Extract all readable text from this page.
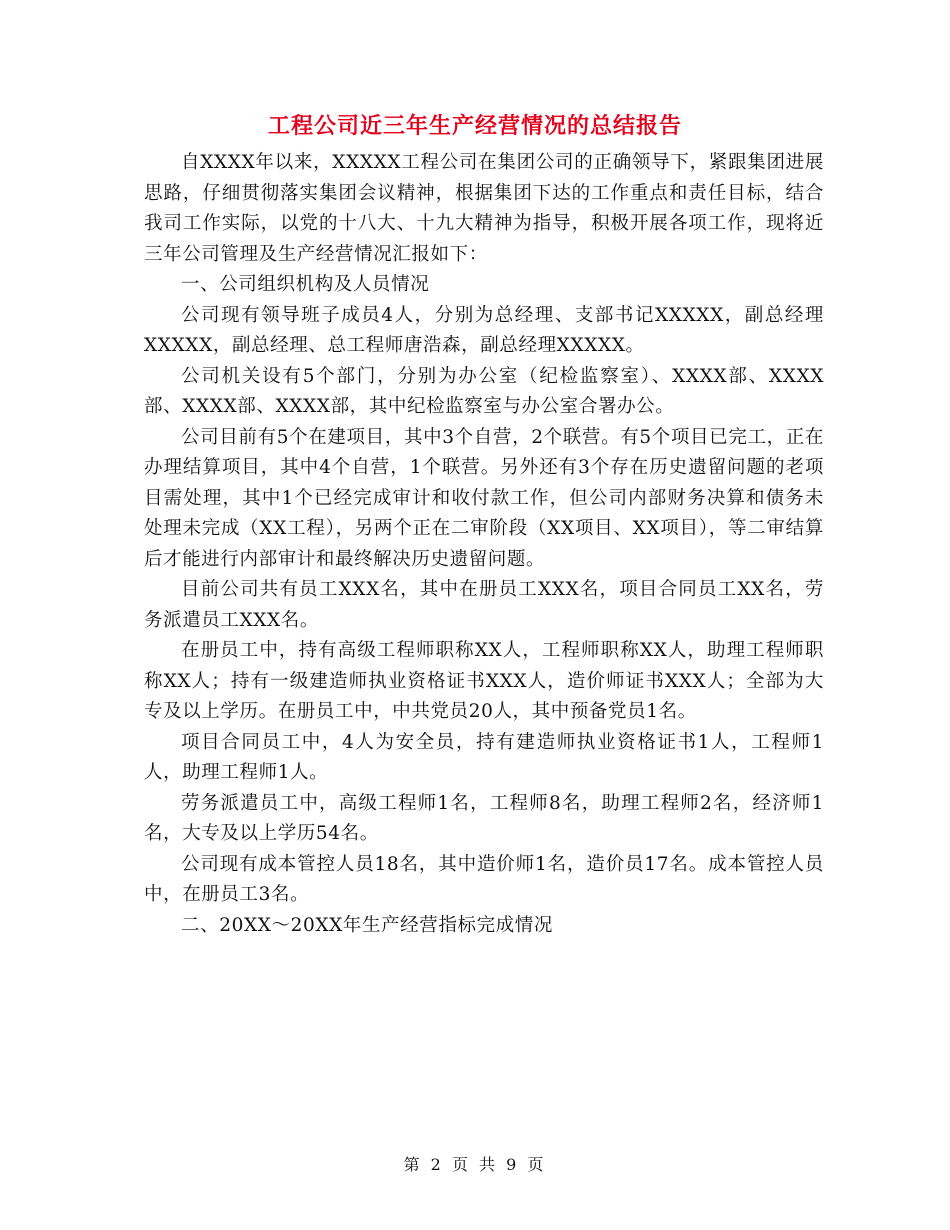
工程公司近三年生产经营情况的总结报告

自XXXX年以来，XXXXX工程公司在集团公司的正确领导下，紧跟集团进展思路，仔细贯彻落实集团会议精神，根据集团下达的工作重点和责任目标，结合我司工作实际，以党的十八大、十九大精神为指导，积极开展各项工作，现将近三年公司管理及生产经营情况汇报如下：

一、公司组织机构及人员情况

公司现有领导班子成员4人，分别为总经理、支部书记XXXXX，副总经理XXXXX，副总经理、总工程师唐浩森，副总经理XXXXX。

公司机关设有5个部门，分别为办公室（纪检监察室）、XXXX部、XXXX部、XXXX部、XXXX部，其中纪检监察室与办公室合署办公。

公司目前有5个在建项目，其中3个自营，2个联营。有5个项目已完工，正在办理结算项目，其中4个自营，1个联营。另外还有3个存在历史遗留问题的老项目需处理，其中1个已经完成审计和收付款工作，但公司内部财务决算和债务未处理未完成（XX工程），另两个正在二审阶段（XX项目、XX项目），等二审结算后才能进行内部审计和最终解决历史遗留问题。

目前公司共有员工XXX名，其中在册员工XXX名，项目合同员工XX名，劳务派遣员工XXX名。

在册员工中，持有高级工程师职称XX人，工程师职称XX人，助理工程师职称XX人；持有一级建造师执业资格证书XXX人，造价师证书XXX人；全部为大专及以上学历。在册员工中，中共党员20人，其中预备党员1名。

项目合同员工中，4人为安全员，持有建造师执业资格证书1人，工程师1人，助理工程师1人。

劳务派遣员工中，高级工程师1名，工程师8名，助理工程师2名，经济师1名，大专及以上学历54名。

公司现有成本管控人员18名，其中造价师1名，造价员17名。成本管控人员中，在册员工3名。

二、20XX～20XX年生产经营指标完成情况

第 2 页 共 9 页
